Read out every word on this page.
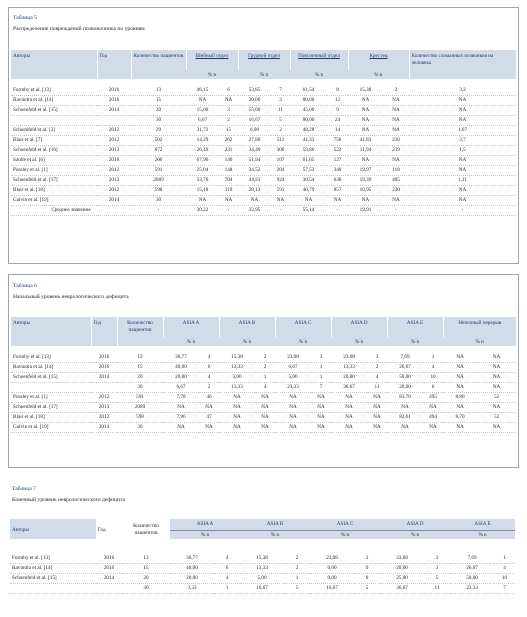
Таблица 5
Распределение повреждений позвоночника по уровням
Авторы	Год	Количество пациентов	Шейный отдел		Грудной отдел		Поясничный отдел		Крестец		Количество сломанных позвонков на человека
			% n		% n		% n		% n		

Formby et al. [13]	2016	13	46,15	6	53,85	7	61,54	8	15,38	2	3,2
Ravindra et al. [14]	2016	15	NA	NA	20,00	3	80,00	12	NA	NA	NA
Schoenfeld et al. [15]	2014	20	15,00	3	55,00	11	45,00	9	NA	NA	NA
		30	6,67	2	16,67	5	80,00	24	NA	NA	NA
Schoenfeld et al. [3]	2012	29	31,72	15	6,90	2	48,28	14	NA	NA	1,07
Blair et al. [7]	2012	502	14,29	262	27,86	511	41,33	758	41,83	210	3,7
Schoenfeld et al. [16]	2013	872	26,49	231	34,40	300	59,86	522	11,94	219	1,5
Saulle et al. [6]	2016	206	67,96	140	51,94	107	61,65	127	NA	NA	NA
Possley et al. [1]	2012	591	25,04	148	34,52	204	57,53	340	19,97	118	NA
Schoenfeld et al. [17]	2013	2089	33,70	704	44,23	924	30,54	638	19,39	405	1,11
Blair et al. [18]	2012	598	15,18	319	28,13	591	40,79	857	10,95	230	NA
Galvin et al. [19]	2014	30	NA	NA	NA	NA	NA	NA	NA	NA	NA
Среднее значение		-	30,22	-	33,95	-	55,14	-	19,91	-	-
Таблица 6
Начальный уровень неврологического дефицита
Авторы	Год	Количество пациентов	ASIA A		ASIA B		ASIA C		ASIA D		ASIA E		Неполный перерыв	
			% n		% n		% n		% n		% n		% n	

Formby et al. [13]	2016	13	30,77	4	15,38	2	23,08	3	23,08	3	7,69	1	NA	NA
Ravindra et al. [14]	2016	15	40,00	6	13,33	2	6,67	1	13,33	2	26,67	4	NA	NA
Schoenfeld et al. [15]	2014	20	20,00	4	5,00	1	5,00	1	20,00	4	50,00	10	NA	NA
		30	6,67	2	13,33	4	23,33	7	36,67	11	20,00	6	NA	NA
Possley et al. [1]	2012	591	7,78	46	NA	NA	NA	NA	NA	NA	83,76	495	8,80	52
Schoenfeld et al. [17]	2013	2089	NA	NA	NA	NA	NA	NA	NA	NA	NA	NA	NA	NA
Blair et al. [18]	2012	598	7,86	47	NA	NA	NA	NA	NA	NA	82,61	494	8,70	52
Galvin et al. [19]	2014	30	NA	NA	NA	NA	NA	NA	NA	NA	NA	NA	NA	NA
Таблица 7
Конечный уровень неврологического дефицита
Авторы	Год	Количество пациентов	ASIA A		ASIA B		ASIA C		ASIA D		ASIA E	
			% n		% n		% n		% n		% n	

Formby et al. [13]	2016	13	30,77	4	15,38	2	23,08	3	23,08	3	7,69	1
Ravindra et al. [14]	2016	15	40,00	6	13,33	2	0,00	0	20,00	3	26,67	4
Schoenfeld et al. [15]	2014	20	20,00	4	5,00	1	0,00	0	25,00	5	50,00	10
		30	3,33	1	16,67	5	16,67	5	36,67	11	23,33	7
